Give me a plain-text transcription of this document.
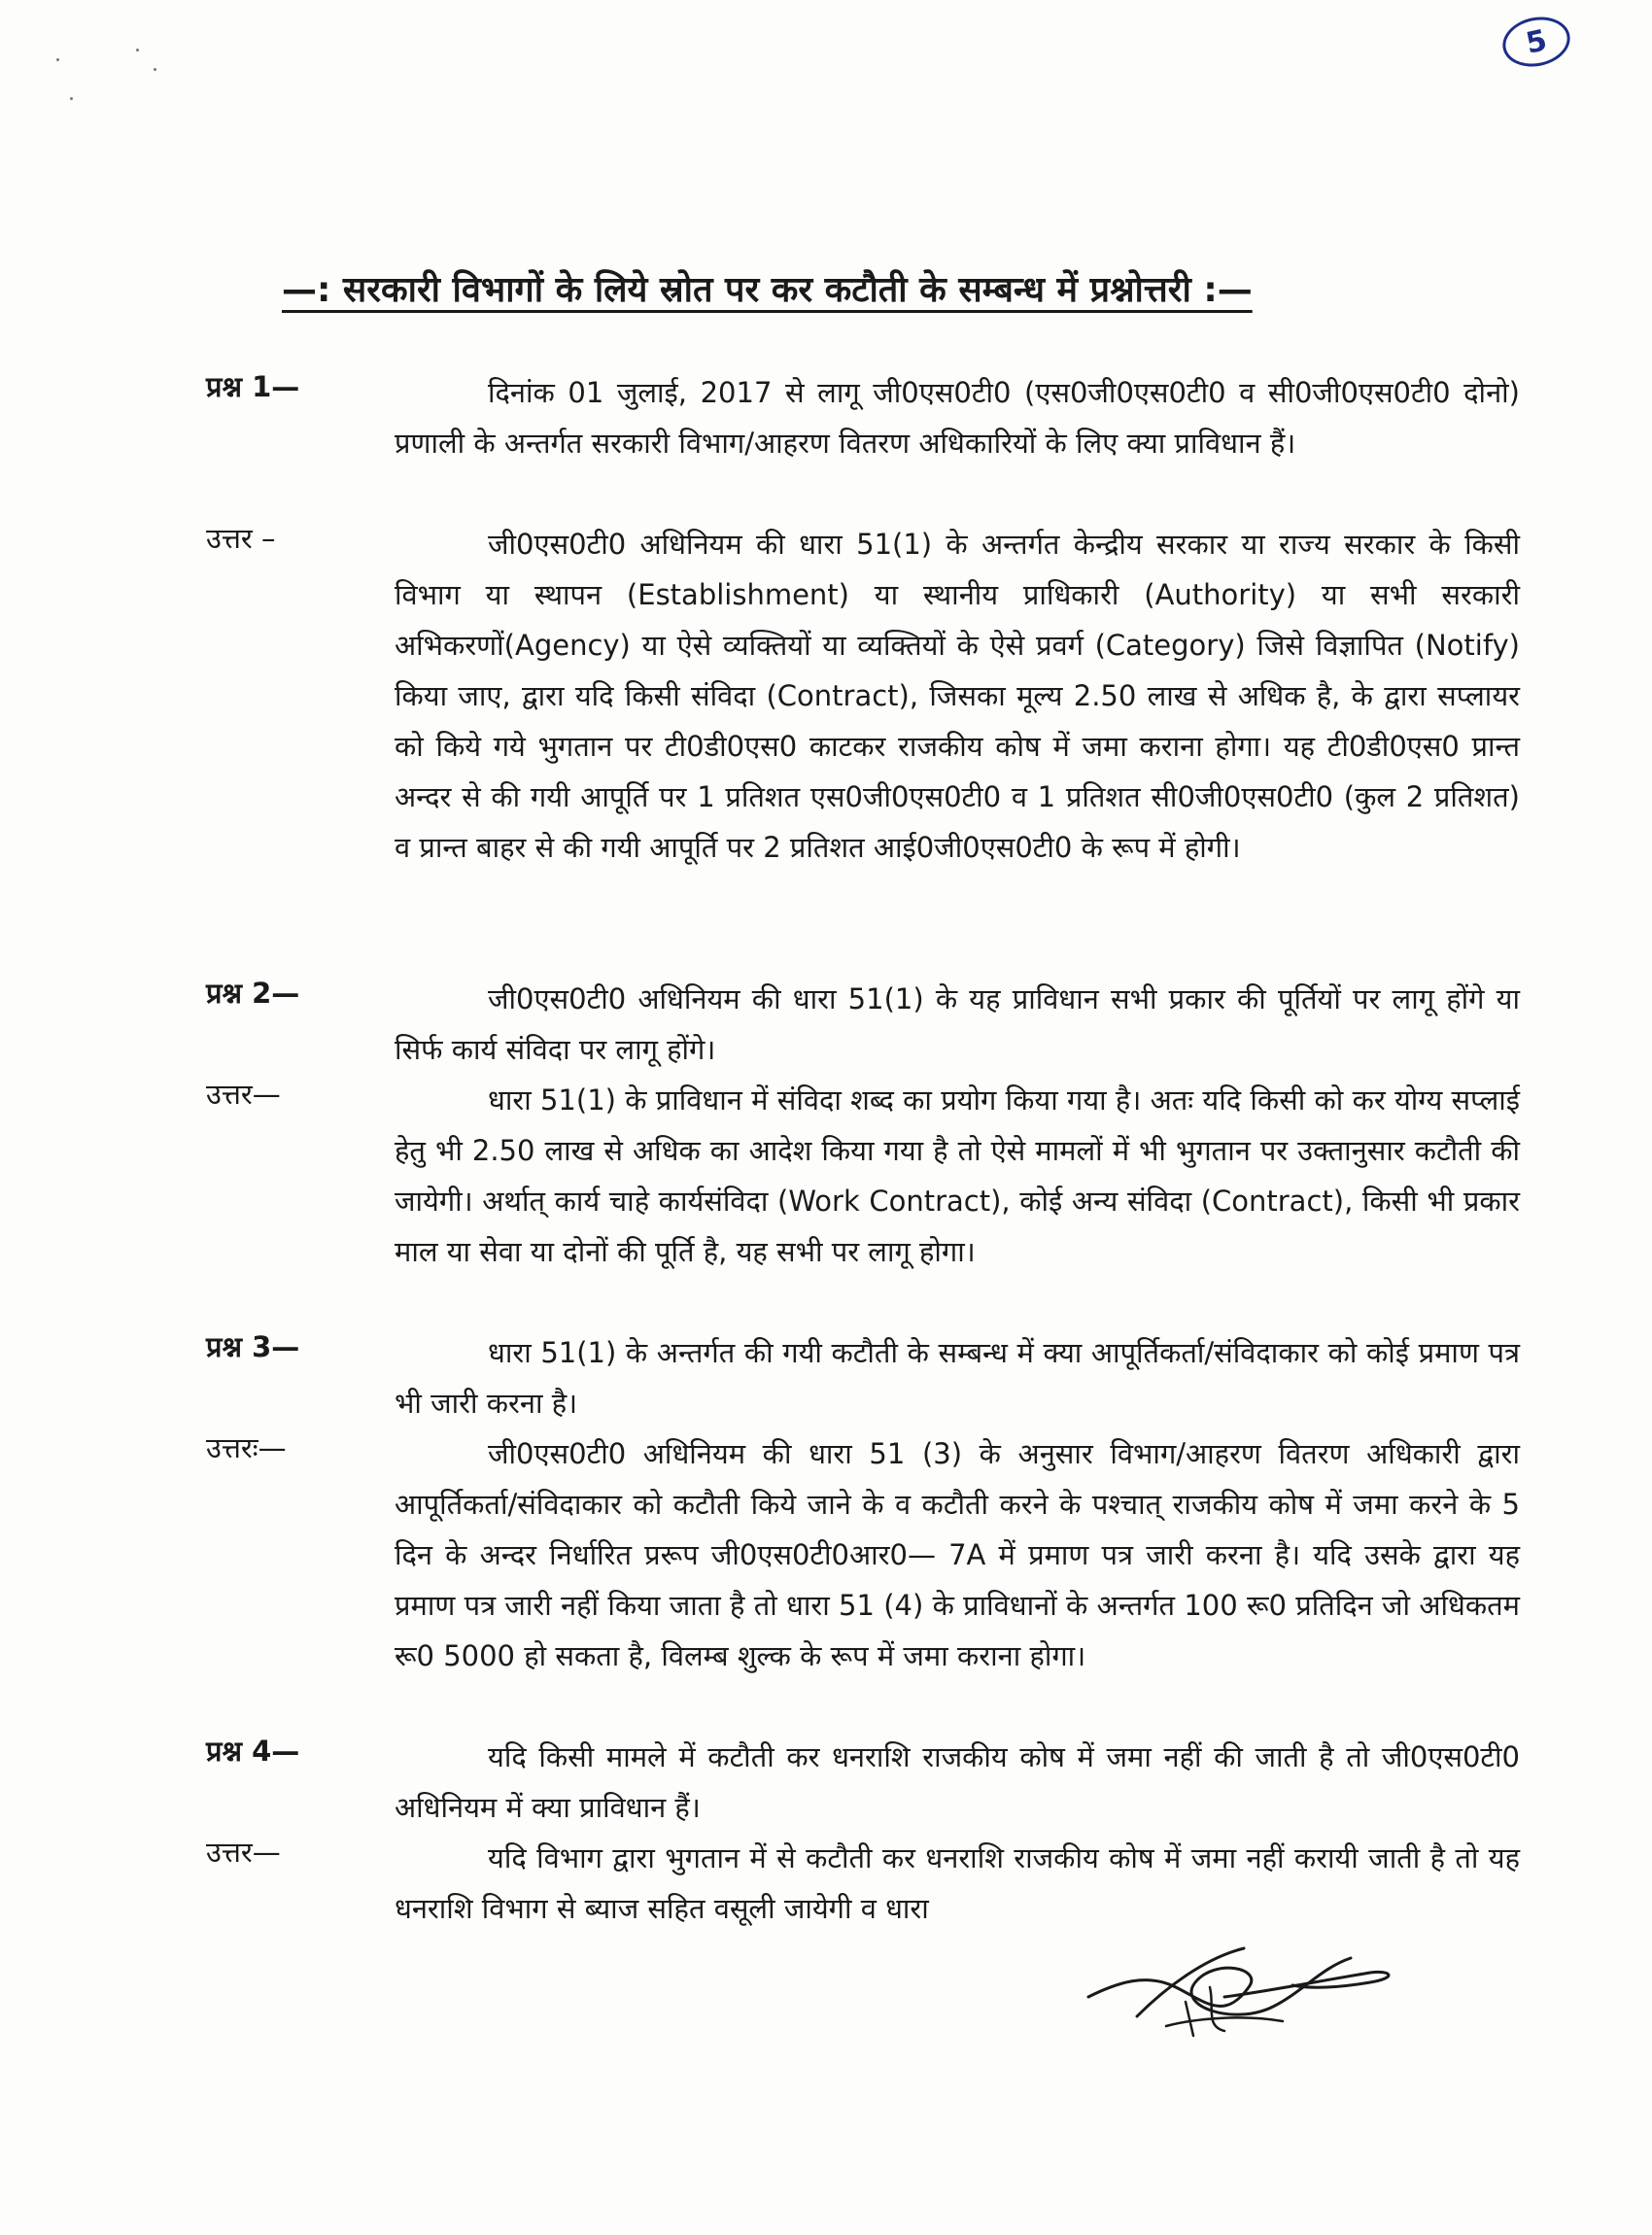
5
—: सरकारी विभागों के लिये स्रोत पर कर कटौती के सम्बन्ध में प्रश्नोत्तरी :—
प्रश्न 1—	दिनांक 01 जुलाई, 2017 से लागू जी0एस0टी0 (एस0जी0एस0टी0 व सी0जी0एस0टी0 दोनो) प्रणाली के अन्तर्गत सरकारी विभाग/आहरण वितरण अधिकारियों के लिए क्या प्राविधान हैं।

उत्तर –	जी0एस0टी0 अधिनियम की धारा 51(1) के अन्तर्गत केन्द्रीय सरकार या राज्य सरकार के किसी विभाग या स्थापन (Establishment) या स्थानीय प्राधिकारी (Authority) या सभी सरकारी अभिकरणों(Agency) या ऐसे व्यक्तियों या व्यक्तियों के ऐसे प्रवर्ग (Category) जिसे विज्ञापित (Notify) किया जाए, द्वारा यदि किसी संविदा (Contract), जिसका मूल्य 2.50 लाख से अधिक है, के द्वारा सप्लायर को किये गये भुगतान पर टी0डी0एस0 काटकर राजकीय कोष में जमा कराना होगा। यह टी0डी0एस0 प्रान्त अन्दर से की गयी आपूर्ति पर 1 प्रतिशत एस0जी0एस0टी0 व 1 प्रतिशत सी0जी0एस0टी0 (कुल 2 प्रतिशत) व प्रान्त बाहर से की गयी आपूर्ति पर 2 प्रतिशत आई0जी0एस0टी0 के रूप में होगी।

प्रश्न 2—	जी0एस0टी0 अधिनियम की धारा 51(1) के यह प्राविधान सभी प्रकार की पूर्तियों पर लागू होंगे या सिर्फ कार्य संविदा पर लागू होंगे।

उत्तर—	धारा 51(1) के प्राविधान में संविदा शब्द का प्रयोग किया गया है। अतः यदि किसी को कर योग्य सप्लाई हेतु भी 2.50 लाख से अधिक का आदेश किया गया है तो ऐसे मामलों में भी भुगतान पर उक्तानुसार कटौती की जायेगी। अर्थात् कार्य चाहे कार्यसंविदा (Work Contract), कोई अन्य संविदा (Contract), किसी भी प्रकार माल या सेवा या दोनों की पूर्ति है, यह सभी पर लागू होगा।

प्रश्न 3—	धारा 51(1) के अन्तर्गत की गयी कटौती के सम्बन्ध में क्या आपूर्तिकर्ता/संविदाकार को कोई प्रमाण पत्र भी जारी करना है।

उत्तरः—	जी0एस0टी0 अधिनियम की धारा 51 (3) के अनुसार विभाग/आहरण वितरण अधिकारी द्वारा आपूर्तिकर्ता/संविदाकार को कटौती किये जाने के व कटौती करने के पश्चात् राजकीय कोष में जमा करने के 5 दिन के अन्दर निर्धारित प्ररूप जी0एस0टी0आर0— 7A में प्रमाण पत्र जारी करना है। यदि उसके द्वारा यह प्रमाण पत्र जारी नहीं किया जाता है तो धारा 51 (4) के प्राविधानों के अन्तर्गत 100 रू0 प्रतिदिन जो अधिकतम रू0 5000 हो सकता है, विलम्ब शुल्क के रूप में जमा कराना होगा।

प्रश्न 4—	यदि किसी मामले में कटौती कर धनराशि राजकीय कोष में जमा नहीं की जाती है तो जी0एस0टी0 अधिनियम में क्या प्राविधान हैं।

उत्तर—	यदि विभाग द्वारा भुगतान में से कटौती कर धनराशि राजकीय कोष में जमा नहीं करायी जाती है तो यह धनराशि विभाग से ब्याज सहित वसूली जायेगी व धारा
